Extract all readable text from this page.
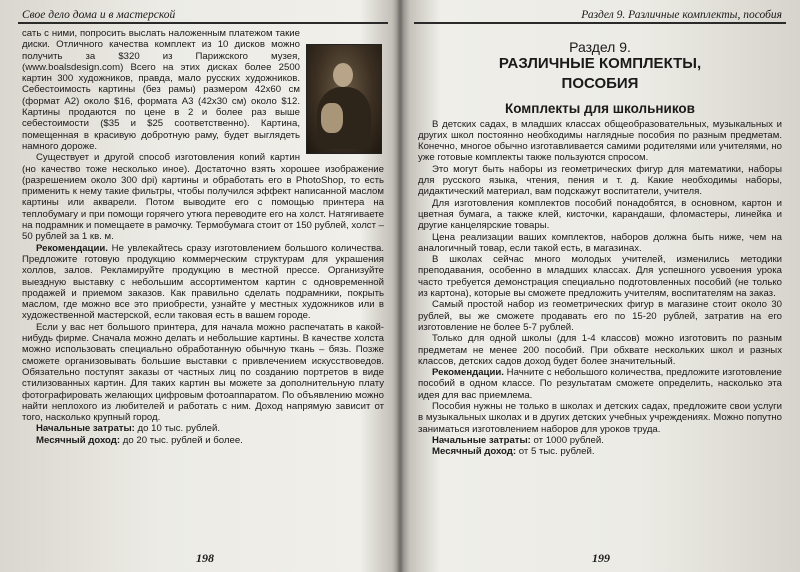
Свое дело дома и в мастерской

сать с ними, попросить выслать наложенным платежом такие диски. Отличного качества комплект из 10 дисков можно получить за $320 из Парижского музея, (www.boalsdesign.com) Всего на этих дисках более 2500 картин 300 художников, правда, мало русских художников. Себестоимость картины (без рамы) размером 42x60 см (формат А2) около $16, формата А3 (42x30 см) около $12. Картины продаются по цене в 2 и более раз выше себестоимости ($35 и $25 соответственно). Картина, помещенная в красивую добротную раму, будет выглядеть намного дороже.

Существует и другой способ изготовления копий картин (но качество тоже несколько иное). Достаточно взять хорошее изображение (разрешением около 300 dpi) картины и обработать его в PhotoShop, то есть применить к нему такие фильтры, чтобы получился эффект написанной маслом картины или акварели. Потом выводите его с помощью принтера на теплобумагу и при помощи горячего утюга переводите его на холст. Натягиваете на подрамник и помещаете в рамочку. Термобумага стоит от 150 рублей, холст – 50 рублей за 1 кв. м.

Рекомендации. Не увлекайтесь сразу изготовлением большого количества. Предложите готовую продукцию коммерческим структурам для украшения холлов, залов. Рекламируйте продукцию в местной прессе. Организуйте выездную выставку с небольшим ассортиментом картин с одновременной продажей и приемом заказов. Как правильно сделать подрамники, покрыть маслом, где можно все это приобрести, узнайте у местных художников или в художественной мастерской, если таковая есть в вашем городе.

Если у вас нет большого принтера, для начала можно распечатать в какой-нибудь фирме. Сначала можно делать и небольшие картины. В качестве холста можно использовать специально обработанную обычную ткань – бязь. Позже сможете организовывать большие выставки с привлечением искусствоведов. Обязательно поступят заказы от частных лиц по созданию портретов в виде стилизованных картин. Для таких картин вы можете за дополнительную плату фотографировать желающих цифровым фотоаппаратом. По объявлению можно найти неплохого из любителей и работать с ним. Доход напрямую зависит от того, насколько крупный город.

Начальные затраты: до 10 тыс. рублей.

Месячный доход: до 20 тыс. рублей и более.

198
Раздел 9. Различные комплекты, пособия
Раздел 9.
РАЗЛИЧНЫЕ КОМПЛЕКТЫ,
ПОСОБИЯ
Комплекты для школьников

В детских садах, в младших классах общеобразовательных, музыкальных и других школ постоянно необходимы наглядные пособия по разным предметам. Конечно, многое обычно изготавливается самими родителями или учителями, но уже готовые комплекты также пользуются спросом.

Это могут быть наборы из геометрических фигур для математики, наборы для русского языка, чтения, пения и т. д. Какие необходимы наборы, дидактический материал, вам подскажут воспитатели, учителя.

Для изготовления комплектов пособий понадобятся, в основном, картон и цветная бумага, а также клей, кисточки, карандаши, фломастеры, линейка и другие канцелярские товары.

Цена реализации ваших комплектов, наборов должна быть ниже, чем на аналогичный товар, если такой есть, в магазинах.

В школах сейчас много молодых учителей, изменились методики преподавания, особенно в младших классах. Для успешного усвоения урока часто требуется демонстрация специально подготовленных пособий (не только из картона), которые вы сможете предложить учителям, воспитателям на заказ.

Самый простой набор из геометрических фигур в магазине стоит около 30 рублей, вы же сможете продавать его по 15-20 рублей, затратив на его изготовление не более 5-7 рублей.

Только для одной школы (для 1-4 классов) можно изготовить по разным предметам не менее 200 пособий. При обхвате нескольких школ и разных классов, детских садов доход будет более значительный.

Рекомендации. Начните с небольшого количества, предложите изготовление пособий в одном классе. По результатам сможете определить, насколько эта идея для вас приемлема.

Пособия нужны не только в школах и детских садах, предложите свои услуги в музыкальных школах и в других детских учебных учреждениях. Можно попутно заниматься изготовлением наборов для уроков труда.

Начальные затраты: от 1000 рублей.

Месячный доход: от 5 тыс. рублей.

199
